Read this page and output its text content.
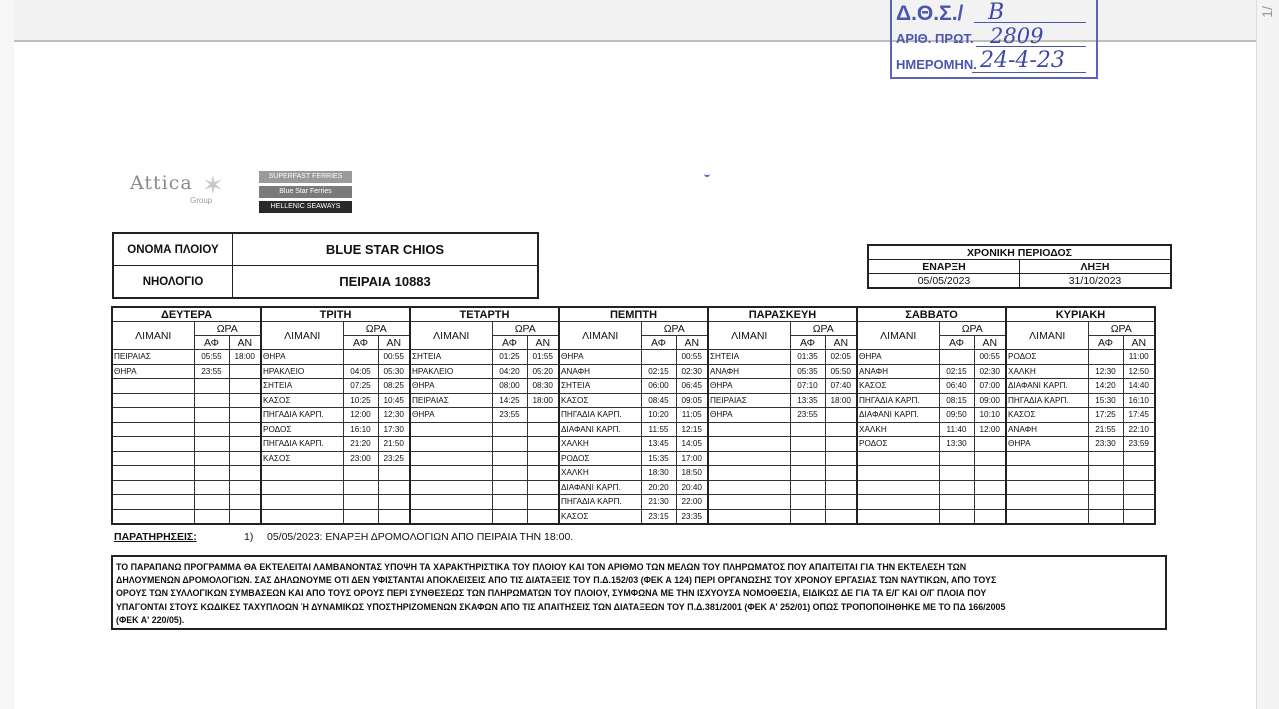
1/
Δ.Θ.Σ./ Β
ΑΡΙΘ. ΠΡΩΤ. 2809
ΗΜΕΡΟΜΗΝ. 24-4-23
Attica ✶
Group
SUPERFAST FERRIES
Blue Star Ferries
HELLENIC SEAWAYS
ΟΝΟΜΑ ΠΛΟΙΟΥ	BLUE STAR CHIOS
ΝΗΟΛΟΓΙΟ	ΠΕΙΡΑΙΑ 10883
ΧΡΟΝΙΚΗ ΠΕΡΙΟΔΟΣ	
ΕΝΑΡΞΗ	ΛΗΞΗ
05/05/2023	31/10/2023
ΔΕΥΤΕΡΑ			ΤΡΙΤΗ			ΤΕΤΑΡΤΗ			ΠΕΜΠΤΗ			ΠΑΡΑΣΚΕΥΗ			ΣΑΒΒΑΤΟ			ΚΥΡΙΑΚΗ		
ΛΙΜΑΝΙ	ΩΡΑ		ΛΙΜΑΝΙ	ΩΡΑ		ΛΙΜΑΝΙ	ΩΡΑ		ΛΙΜΑΝΙ	ΩΡΑ		ΛΙΜΑΝΙ	ΩΡΑ		ΛΙΜΑΝΙ	ΩΡΑ		ΛΙΜΑΝΙ	ΩΡΑ	
	ΑΦ	ΑΝ		ΑΦ	ΑΝ		ΑΦ	ΑΝ		ΑΦ	ΑΝ		ΑΦ	ΑΝ		ΑΦ	ΑΝ		ΑΦ	ΑΝ
ΠΕΙΡΑΙΑΣ	05:55	18:00	ΘΗΡΑ		00:55	ΣΗΤΕΙΑ	01:25	01:55	ΘΗΡΑ		00:55	ΣΗΤΕΙΑ	01:35	02:05	ΘΗΡΑ		00:55	ΡΟΔΟΣ		11:00
ΘΗΡΑ	23:55		ΗΡΑΚΛΕΙΟ	04:05	05:30	ΗΡΑΚΛΕΙΟ	04:20	05:20	ΑΝΑΦΗ	02:15	02:30	ΑΝΑΦΗ	05:35	05:50	ΑΝΑΦΗ	02:15	02:30	ΧΑΛΚΗ	12:30	12:50
			ΣΗΤΕΙΑ	07:25	08:25	ΘΗΡΑ	08:00	08:30	ΣΗΤΕΙΑ	06:00	06:45	ΘΗΡΑ	07:10	07:40	ΚΑΣΟΣ	06:40	07:00	ΔΙΑΦΑΝΙ ΚΑΡΠ.	14:20	14:40
			ΚΑΣΟΣ	10:25	10:45	ΠΕΙΡΑΙΑΣ	14:25	18:00	ΚΑΣΟΣ	08:45	09:05	ΠΕΙΡΑΙΑΣ	13:35	18:00	ΠΗΓΑΔΙΑ ΚΑΡΠ.	08:15	09:00	ΠΗΓΑΔΙΑ ΚΑΡΠ.	15:30	16:10
			ΠΗΓΑΔΙΑ ΚΑΡΠ.	12:00	12:30	ΘΗΡΑ	23:55		ΠΗΓΑΔΙΑ ΚΑΡΠ.	10:20	11:05	ΘΗΡΑ	23:55		ΔΙΑΦΑΝΙ ΚΑΡΠ.	09:50	10:10	ΚΑΣΟΣ	17:25	17:45
			ΡΟΔΟΣ	16:10	17:30				ΔΙΑΦΑΝΙ ΚΑΡΠ.	11:55	12:15				ΧΑΛΚΗ	11:40	12:00	ΑΝΑΦΗ	21:55	22:10
			ΠΗΓΑΔΙΑ ΚΑΡΠ.	21:20	21:50				ΧΑΛΚΗ	13:45	14:05				ΡΟΔΟΣ	13:30		ΘΗΡΑ	23:30	23:59
			ΚΑΣΟΣ	23:00	23:25				ΡΟΔΟΣ	15:35	17:00									
									ΧΑΛΚΗ	18:30	18:50									
									ΔΙΑΦΑΝΙ ΚΑΡΠ.	20:20	20:40									
									ΠΗΓΑΔΙΑ ΚΑΡΠ.	21:30	22:00									
									ΚΑΣΟΣ	23:15	23:35									
ΠΑΡΑΤΗΡΗΣΕΙΣ:	1) 05/05/2023: ΕΝΑΡΞΗ ΔΡΟΜΟΛΟΓΙΩΝ ΑΠΟ ΠΕΙΡΑΙΑ ΤΗΝ 18:00.
ΤΟ ΠΑΡΑΠΑΝΩ ΠΡΟΓΡΑΜΜΑ ΘΑ ΕΚΤΕΛΕΙΤΑΙ ΛΑΜΒΑΝΟΝΤΑΣ ΥΠΟΨΗ ΤΑ ΧΑΡΑΚΤΗΡΙΣΤΙΚΑ ΤΟΥ ΠΛΟΙΟΥ ΚΑΙ ΤΟΝ ΑΡΙΘΜΟ ΤΩΝ ΜΕΛΩΝ ΤΟΥ ΠΛΗΡΩΜΑΤΟΣ ΠΟΥ ΑΠΑΙΤΕΙΤΑΙ ΓΙΑ ΤΗΝ ΕΚΤΕΛΕΣΗ ΤΩΝ
ΔΗΛΟΥΜΕΝΩΝ ΔΡΟΜΟΛΟΓΙΩΝ. ΣΑΣ ΔΗΛΩΝΟΥΜΕ ΟΤΙ ΔΕΝ ΥΦΙΣΤΑΝΤΑΙ ΑΠΟΚΛΕΙΣΕΙΣ ΑΠΟ ΤΙΣ ΔΙΑΤΑΞΕΙΣ ΤΟΥ Π.Δ.152/03 (ΦΕΚ Α 124) ΠΕΡΙ ΟΡΓΑΝΩΣΗΣ ΤΟΥ ΧΡΟΝΟΥ ΕΡΓΑΣΙΑΣ ΤΩΝ ΝΑΥΤΙΚΩΝ, ΑΠΟ ΤΟΥΣ
ΟΡΟΥΣ ΤΩΝ ΣΥΛΛΟΓΙΚΩΝ ΣΥΜΒΑΣΕΩΝ ΚΑΙ ΑΠΟ ΤΟΥΣ ΟΡΟΥΣ ΠΕΡΙ ΣΥΝΘΕΣΕΩΣ ΤΩΝ ΠΛΗΡΩΜΑΤΩΝ ΤΟΥ ΠΛΟΙΟΥ, ΣΥΜΦΩΝΑ ΜΕ ΤΗΝ ΙΣΧΥΟΥΣΑ ΝΟΜΟΘΕΣΙΑ, ΕΙΔΙΚΩΣ ΔΕ ΓΙΑ ΤΑ Ε/Γ ΚΑΙ Ο/Γ ΠΛΟΙΑ ΠΟΥ
ΥΠΑΓΟΝΤΑΙ ΣΤΟΥΣ ΚΩΔΙΚΕΣ ΤΑΧΥΠΛΟΩΝ Ή ΔΥΝΑΜΙΚΩΣ ΥΠΟΣΤΗΡΙΖΟΜΕΝΩΝ ΣΚΑΦΩΝ ΑΠΟ ΤΙΣ ΑΠΑΙΤΗΣΕΙΣ ΤΩΝ ΔΙΑΤΑΞΕΩΝ ΤΟΥ Π.Δ.381/2001 (ΦΕΚ Α' 252/01) ΟΠΩΣ ΤΡΟΠΟΠΟΙΗΘΗΚΕ ΜΕ ΤΟ ΠΔ 166/2005
(ΦΕΚ Α' 220/05).
